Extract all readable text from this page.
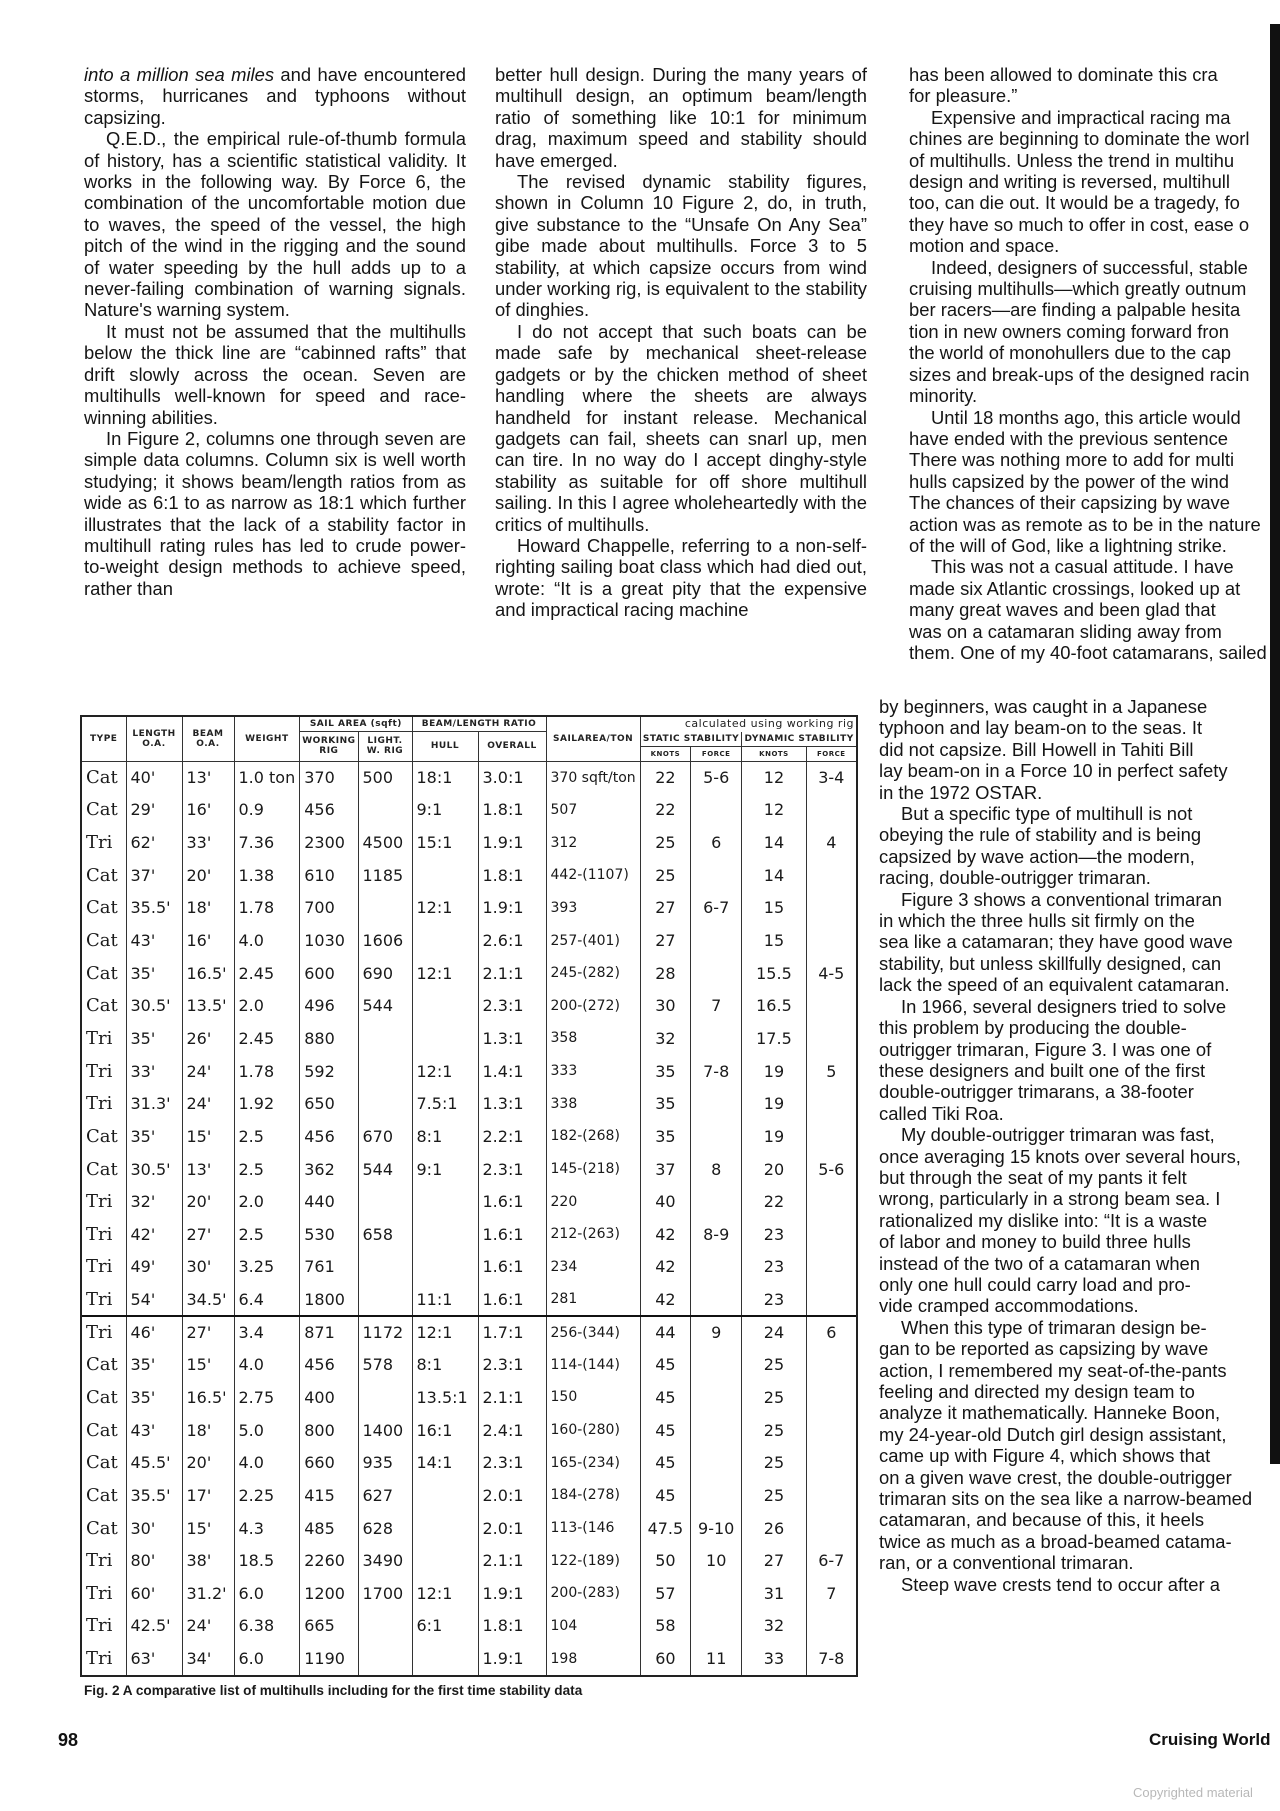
into a million sea miles and have encountered storms, hurricanes and typhoons without capsizing.

Q.E.D., the empirical rule-of-thumb formula of history, has a scientific statistical validity. It works in the following way. By Force 6, the combination of the uncomfortable motion due to waves, the speed of the vessel, the high pitch of the wind in the rigging and the sound of water speeding by the hull adds up to a never-failing combination of warning signals. Nature's warning system.

It must not be assumed that the multihulls below the thick line are “cabinned rafts” that drift slowly across the ocean. Seven are multihulls well-known for speed and race-winning abilities.

In Figure 2, columns one through seven are simple data columns. Column six is well worth studying; it shows beam/length ratios from as wide as 6:1 to as narrow as 18:1 which further illustrates that the lack of a stability factor in multihull rating rules has led to crude power-to-weight design methods to achieve speed, rather than

better hull design. During the many years of multihull design, an optimum beam/length ratio of something like 10:1 for minimum drag, maximum speed and stability should have emerged.

The revised dynamic stability figures, shown in Column 10 Figure 2, do, in truth, give substance to the “Unsafe On Any Sea” gibe made about multihulls. Force 3 to 5 stability, at which capsize occurs from wind under working rig, is equivalent to the stability of dinghies.

I do not accept that such boats can be made safe by mechanical sheet-release gadgets or by the chicken method of sheet handling where the sheets are always handheld for instant release. Mechanical gadgets can fail, sheets can snarl up, men can tire. In no way do I accept dinghy-style stability as suitable for off shore multihull sailing. In this I agree wholeheartedly with the critics of multihulls.

Howard Chappelle, referring to a non-self-righting sailing boat class which had died out, wrote: “It is a great pity that the expensive and impractical racing machine

has been allowed to dominate this cra

for pleasure.”

Expensive and impractical racing ma

chines are beginning to dominate the worl

of multihulls. Unless the trend in multihu

design and writing is reversed, multihull

too, can die out. It would be a tragedy, fo

they have so much to offer in cost, ease o

motion and space.

Indeed, designers of successful, stable

cruising multihulls—which greatly outnum

ber racers—are finding a palpable hesita

tion in new owners coming forward fron

the world of monohullers due to the cap

sizes and break-ups of the designed racin

minority.

Until 18 months ago, this article would

have ended with the previous sentence

There was nothing more to add for multi

hulls capsized by the power of the wind

The chances of their capsizing by wave

action was as remote as to be in the nature

of the will of God, like a lightning strike.

This was not a casual attitude. I have

made six Atlantic crossings, looked up at

many great waves and been glad that

was on a catamaran sliding away from

them. One of my 40-foot catamarans, sailed

by beginners, was caught in a Japanese

typhoon and lay beam-on to the seas. It

did not capsize. Bill Howell in Tahiti Bill

lay beam-on in a Force 10 in perfect safety

in the 1972 OSTAR.

But a specific type of multihull is not

obeying the rule of stability and is being

capsized by wave action—the modern,

racing, double-outrigger trimaran.

Figure 3 shows a conventional trimaran

in which the three hulls sit firmly on the

sea like a catamaran; they have good wave

stability, but unless skillfully designed, can

lack the speed of an equivalent catamaran.

In 1966, several designers tried to solve

this problem by producing the double-

outrigger trimaran, Figure 3. I was one of

these designers and built one of the first

double-outrigger trimarans, a 38-footer

called Tiki Roa.

My double-outrigger trimaran was fast,

once averaging 15 knots over several hours,

but through the seat of my pants it felt

wrong, particularly in a strong beam sea. I

rationalized my dislike into: “It is a waste

of labor and money to build three hulls

instead of the two of a catamaran when

only one hull could carry load and pro-

vide cramped accommodations.

When this type of trimaran design be-

gan to be reported as capsizing by wave

action, I remembered my seat-of-the-pants

feeling and directed my design team to

analyze it mathematically. Hanneke Boon,

my 24-year-old Dutch girl design assistant,

came up with Figure 4, which shows that

on a given wave crest, the double-outrigger

trimaran sits on the sea like a narrow-beamed

catamaran, and because of this, it heels

twice as much as a broad-beamed catama-

ran, or a conventional trimaran.

Steep wave crests tend to occur after a

TYPE	LENGTH O.A.	BEAM O.A.	WEIGHT	SAIL AREA (sqft)		BEAM/LENGTH RATIO		SAILAREA/TON	calculated using working rig			
				WORKING RIG	LIGHT. W. RIG	HULL	OVERALL		STATIC STABILITY		DYNAMIC STABILITY	
									KNOTS	FORCE	KNOTS	FORCE
Cat	40'	13'	1.0 ton	370	500	18:1	3.0:1	370 sqft/ton	22	5-6	12	3-4
Cat	29'	16'	0.9	456		9:1	1.8:1	507	22		12	
Tri	62'	33'	7.36	2300	4500	15:1	1.9:1	312	25	6	14	4
Cat	37'	20'	1.38	610	1185		1.8:1	442-(1107)	25		14	
Cat	35.5'	18'	1.78	700		12:1	1.9:1	393	27	6-7	15	
Cat	43'	16'	4.0	1030	1606		2.6:1	257-(401)	27		15	
Cat	35'	16.5'	2.45	600	690	12:1	2.1:1	245-(282)	28		15.5	4-5
Cat	30.5'	13.5'	2.0	496	544		2.3:1	200-(272)	30	7	16.5	
Tri	35'	26'	2.45	880			1.3:1	358	32		17.5	
Tri	33'	24'	1.78	592		12:1	1.4:1	333	35	7-8	19	5
Tri	31.3'	24'	1.92	650		7.5:1	1.3:1	338	35		19	
Cat	35'	15'	2.5	456	670	8:1	2.2:1	182-(268)	35		19	
Cat	30.5'	13'	2.5	362	544	9:1	2.3:1	145-(218)	37	8	20	5-6
Tri	32'	20'	2.0	440			1.6:1	220	40		22	
Tri	42'	27'	2.5	530	658		1.6:1	212-(263)	42	8-9	23	
Tri	49'	30'	3.25	761			1.6:1	234	42		23	
Tri	54'	34.5'	6.4	1800		11:1	1.6:1	281	42		23	
Tri	46'	27'	3.4	871	1172	12:1	1.7:1	256-(344)	44	9	24	6
Cat	35'	15'	4.0	456	578	8:1	2.3:1	114-(144)	45		25	
Cat	35'	16.5'	2.75	400		13.5:1	2.1:1	150	45		25	
Cat	43'	18'	5.0	800	1400	16:1	2.4:1	160-(280)	45		25	
Cat	45.5'	20'	4.0	660	935	14:1	2.3:1	165-(234)	45		25	
Cat	35.5'	17'	2.25	415	627		2.0:1	184-(278)	45		25	
Cat	30'	15'	4.3	485	628		2.0:1	113-(146	47.5	9-10	26	
Tri	80'	38'	18.5	2260	3490		2.1:1	122-(189)	50	10	27	6-7
Tri	60'	31.2'	6.0	1200	1700	12:1	1.9:1	200-(283)	57		31	7
Tri	42.5'	24'	6.38	665		6:1	1.8:1	104	58		32	
Tri	63'	34'	6.0	1190			1.9:1	198	60	11	33	7-8
Fig. 2 A comparative list of multihulls including for the first time stability data
98	Cruising World
Copyrighted material
